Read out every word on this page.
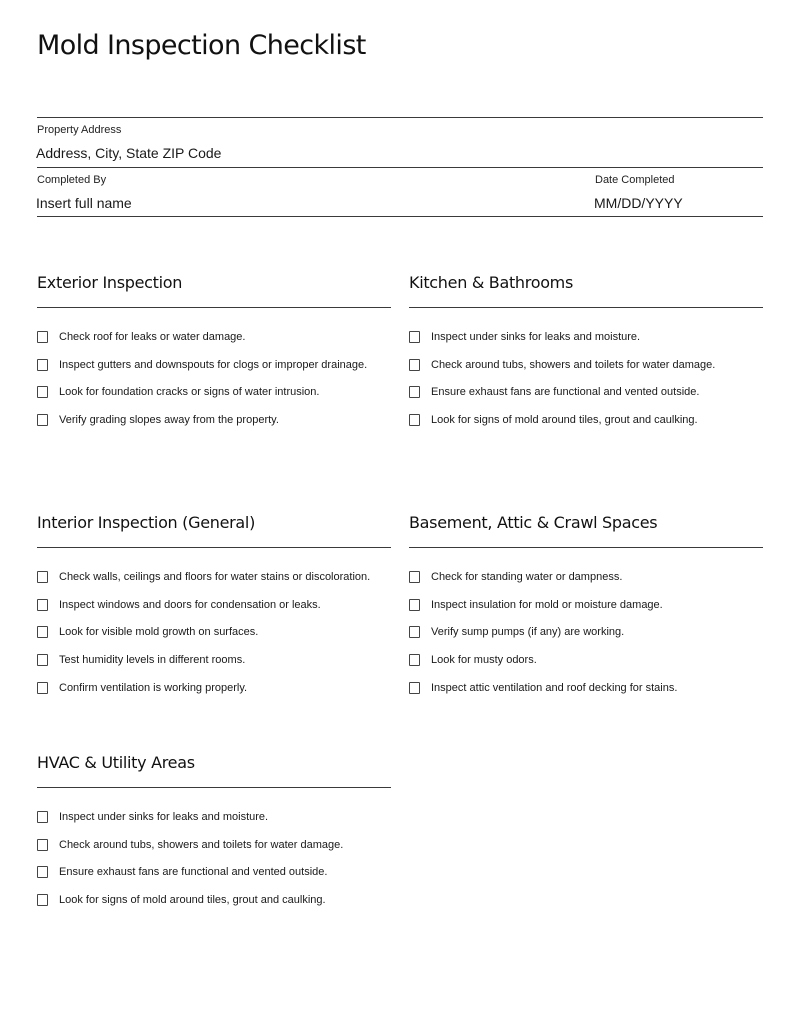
Mold Inspection Checklist
Property Address
Address, City, State ZIP Code
Completed By
Insert full name
Date Completed
MM/DD/YYYY
Exterior Inspection
Check roof for leaks or water damage.
Inspect gutters and downspouts for clogs or improper drainage.
Look for foundation cracks or signs of water intrusion.
Verify grading slopes away from the property.
Kitchen & Bathrooms
Inspect under sinks for leaks and moisture.
Check around tubs, showers and toilets for water damage.
Ensure exhaust fans are functional and vented outside.
Look for signs of mold around tiles, grout and caulking.
Interior Inspection (General)
Check walls, ceilings and floors for water stains or discoloration.
Inspect windows and doors for condensation or leaks.
Look for visible mold growth on surfaces.
Test humidity levels in different rooms.
Confirm ventilation is working properly.
Basement, Attic & Crawl Spaces
Check for standing water or dampness.
Inspect insulation for mold or moisture damage.
Verify sump pumps (if any) are working.
Look for musty odors.
Inspect attic ventilation and roof decking for stains.
HVAC & Utility Areas
Inspect under sinks for leaks and moisture.
Check around tubs, showers and toilets for water damage.
Ensure exhaust fans are functional and vented outside.
Look for signs of mold around tiles, grout and caulking.
